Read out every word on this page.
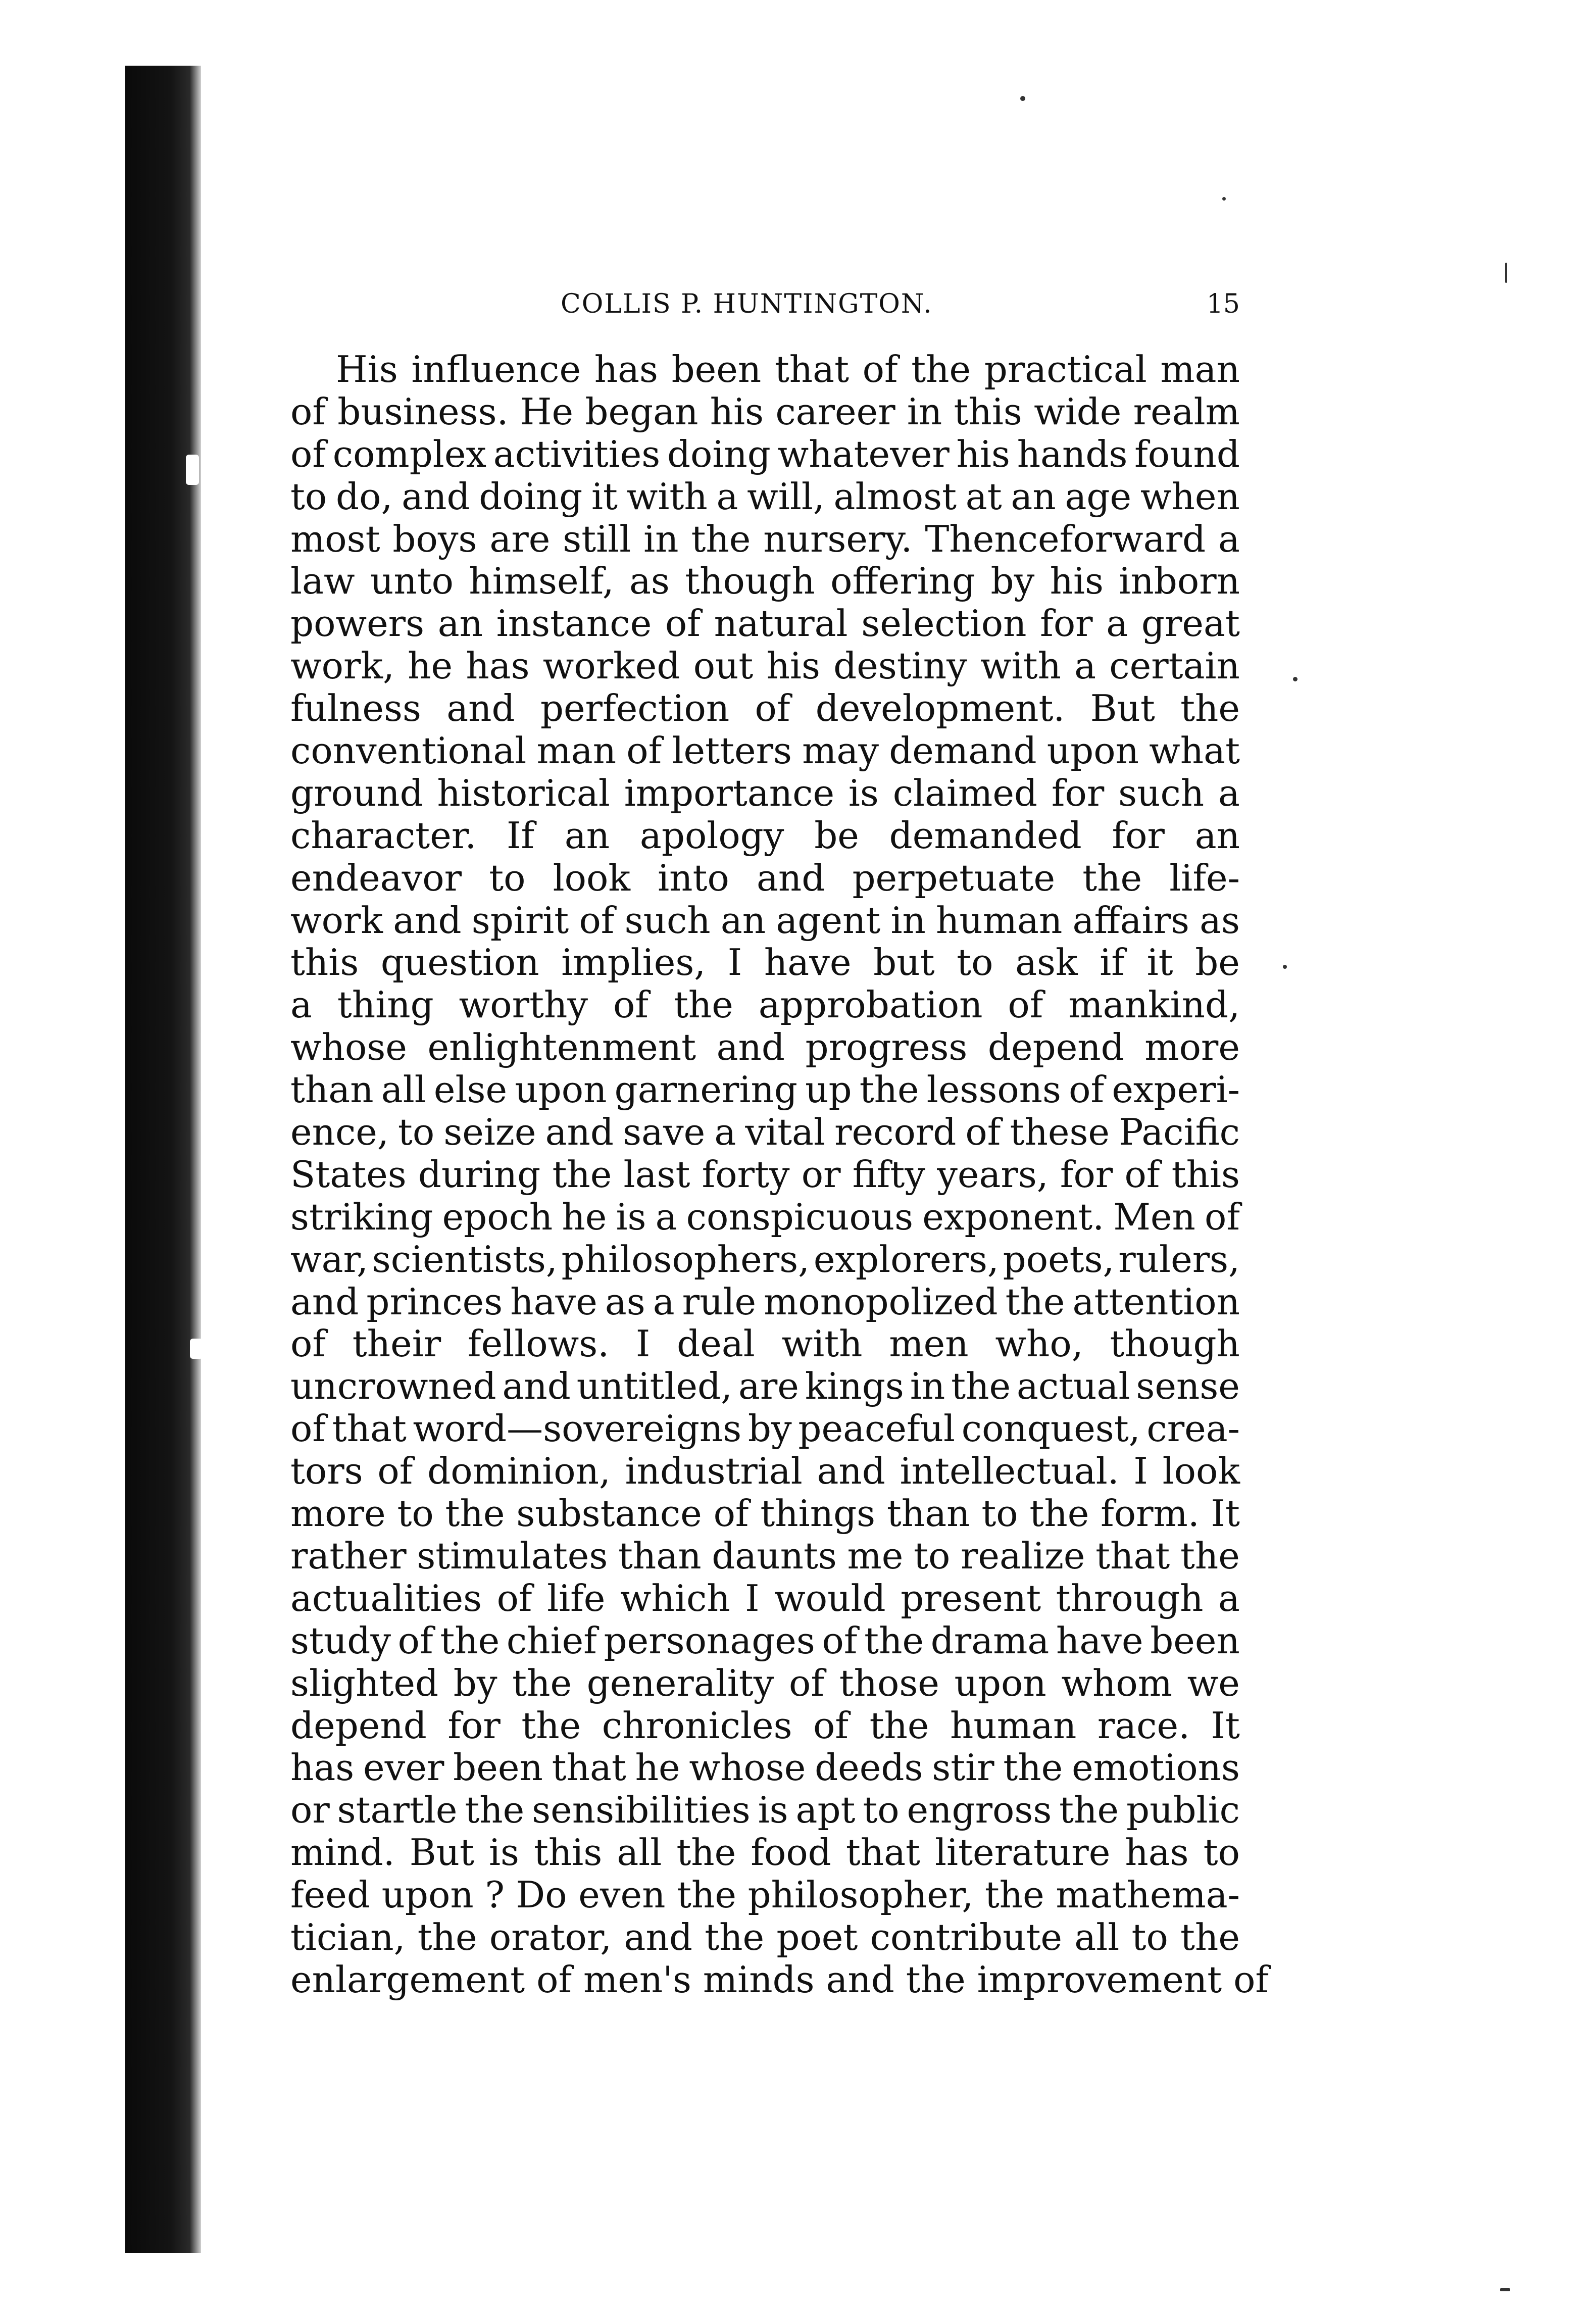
COLLIS P. HUNTINGTON.	15
His influence has been that of the practical man
of business. He began his career in this wide realm
of complex activities doing whatever his hands found
to do, and doing it with a will, almost at an age when
most boys are still in the nursery. Thenceforward a
law unto himself, as though offering by his inborn
powers an instance of natural selection for a great
work, he has worked out his destiny with a certain
fulness and perfection of development. But the
conventional man of letters may demand upon what
ground historical importance is claimed for such a
character. If an apology be demanded for an
endeavor to look into and perpetuate the life-
work and spirit of such an agent in human affairs as
this question implies, I have but to ask if it be
a thing worthy of the approbation of mankind,
whose enlightenment and progress depend more
than all else upon garnering up the lessons of experi-
ence, to seize and save a vital record of these Pacific
States during the last forty or fifty years, for of this
striking epoch he is a conspicuous exponent. Men of
war, scientists, philosophers, explorers, poets, rulers,
and princes have as a rule monopolized the attention
of their fellows. I deal with men who, though
uncrowned and untitled, are kings in the actual sense
of that word—sovereigns by peaceful conquest, crea-
tors of dominion, industrial and intellectual. I look
more to the substance of things than to the form. It
rather stimulates than daunts me to realize that the
actualities of life which I would present through a
study of the chief personages of the drama have been
slighted by the generality of those upon whom we
depend for the chronicles of the human race. It
has ever been that he whose deeds stir the emotions
or startle the sensibilities is apt to engross the public
mind. But is this all the food that literature has to
feed upon ? Do even the philosopher, the mathema-
tician, the orator, and the poet contribute all to the
enlargement of men's minds and the improvement of
